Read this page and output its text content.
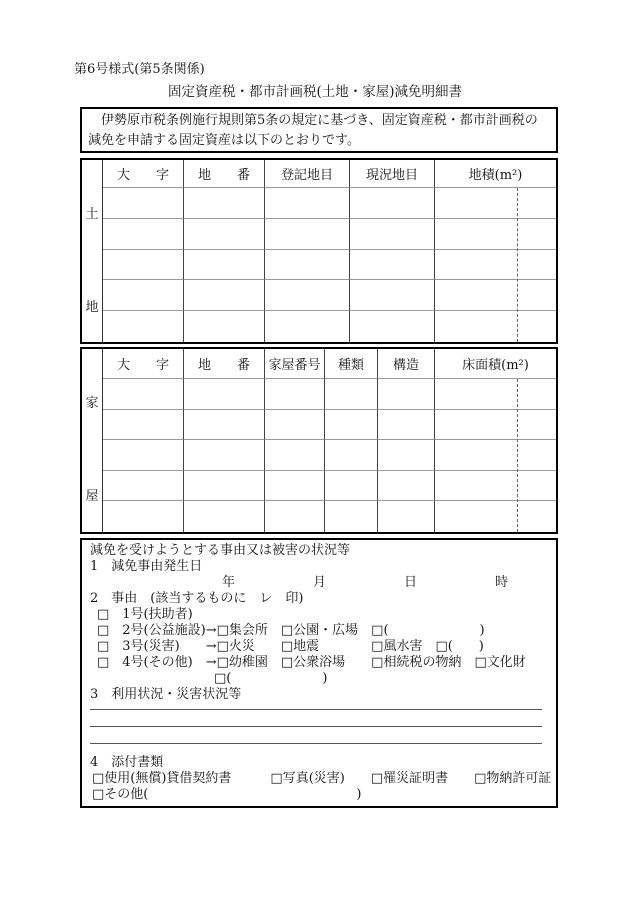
第6号様式(第5条関係)
固定資産税・都市計画税(土地・家屋)減免明細書
　伊勢原市税条例施行規則第5条の規定に基づき、固定資産税・都市計画税の減免を申請する固定資産は以下のとおりです。
土
地
大　　字	地　　番	登記地目	現況地目	地積(m²)
家
屋
大　　字	地　　番	家屋番号	種類	構造	床面積(m²)
減免を受けようとする事由又は被害の状況等
1　減免事由発生日
年　　　　　　月　　　　　　日　　　　　　時
2　事由　(該当するものに　レ　印)
□　1号(扶助者)
□　2号(公益施設)→□集会所　□公園・広場　□(　　　　　　　)
□　3号(災害)　　→□火災　　□地震　　　　□風水害　□(　　)
□　4号(その他)　→□幼稚園　□公衆浴場　　□相続税の物納　□文化財
　　　　　　　　　□(　　　　　　　)
3　利用状況・災害状況等
4　添付書類
□使用(無償)貸借契約書　　　□写真(災害)　　□罹災証明書　　□物納許可証
□その他(　　　　　　　　　　　　　　　　)
